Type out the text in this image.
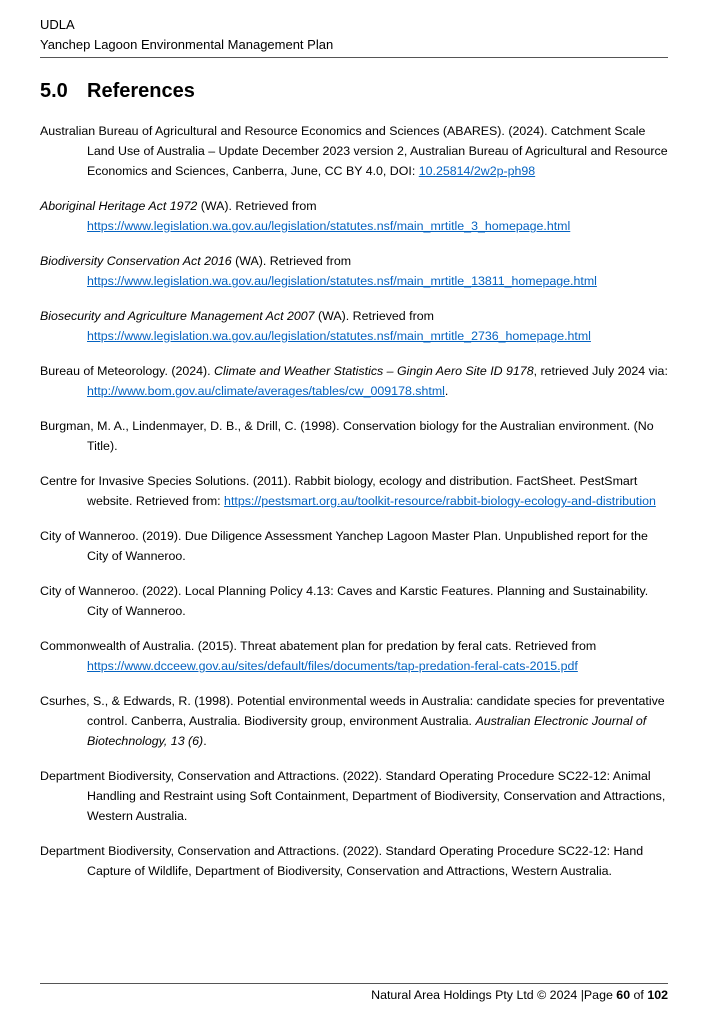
UDLA
Yanchep Lagoon Environmental Management Plan
5.0 References

Australian Bureau of Agricultural and Resource Economics and Sciences (ABARES). (2024). Catchment Scale Land Use of Australia – Update December 2023 version 2, Australian Bureau of Agricultural and Resource Economics and Sciences, Canberra, June, CC BY 4.0, DOI: 10.25814/2w2p-ph98

Aboriginal Heritage Act 1972 (WA). Retrieved from https://www.legislation.wa.gov.au/legislation/statutes.nsf/main_mrtitle_3_homepage.html

Biodiversity Conservation Act 2016 (WA). Retrieved from https://www.legislation.wa.gov.au/legislation/statutes.nsf/main_mrtitle_13811_homepage.html

Biosecurity and Agriculture Management Act 2007 (WA). Retrieved from https://www.legislation.wa.gov.au/legislation/statutes.nsf/main_mrtitle_2736_homepage.html

Bureau of Meteorology. (2024). Climate and Weather Statistics – Gingin Aero Site ID 9178, retrieved July 2024 via: http://www.bom.gov.au/climate/averages/tables/cw_009178.shtml.

Burgman, M. A., Lindenmayer, D. B., & Drill, C. (1998). Conservation biology for the Australian environment. (No Title).

Centre for Invasive Species Solutions. (2011). Rabbit biology, ecology and distribution. FactSheet. PestSmart website. Retrieved from: https://pestsmart.org.au/toolkit-resource/rabbit-biology-ecology-and-distribution

City of Wanneroo. (2019). Due Diligence Assessment Yanchep Lagoon Master Plan. Unpublished report for the City of Wanneroo.

City of Wanneroo. (2022). Local Planning Policy 4.13: Caves and Karstic Features. Planning and Sustainability. City of Wanneroo.

Commonwealth of Australia. (2015). Threat abatement plan for predation by feral cats. Retrieved from https://www.dcceew.gov.au/sites/default/files/documents/tap-predation-feral-cats-2015.pdf

Csurhes, S., & Edwards, R. (1998). Potential environmental weeds in Australia: candidate species for preventative control. Canberra, Australia. Biodiversity group, environment Australia. Australian Electronic Journal of Biotechnology, 13 (6).

Department Biodiversity, Conservation and Attractions. (2022). Standard Operating Procedure SC22-12: Animal Handling and Restraint using Soft Containment, Department of Biodiversity, Conservation and Attractions, Western Australia.

Department Biodiversity, Conservation and Attractions. (2022). Standard Operating Procedure SC22-12: Hand Capture of Wildlife, Department of Biodiversity, Conservation and Attractions, Western Australia.

Natural Area Holdings Pty Ltd © 2024 |Page 60 of 102
